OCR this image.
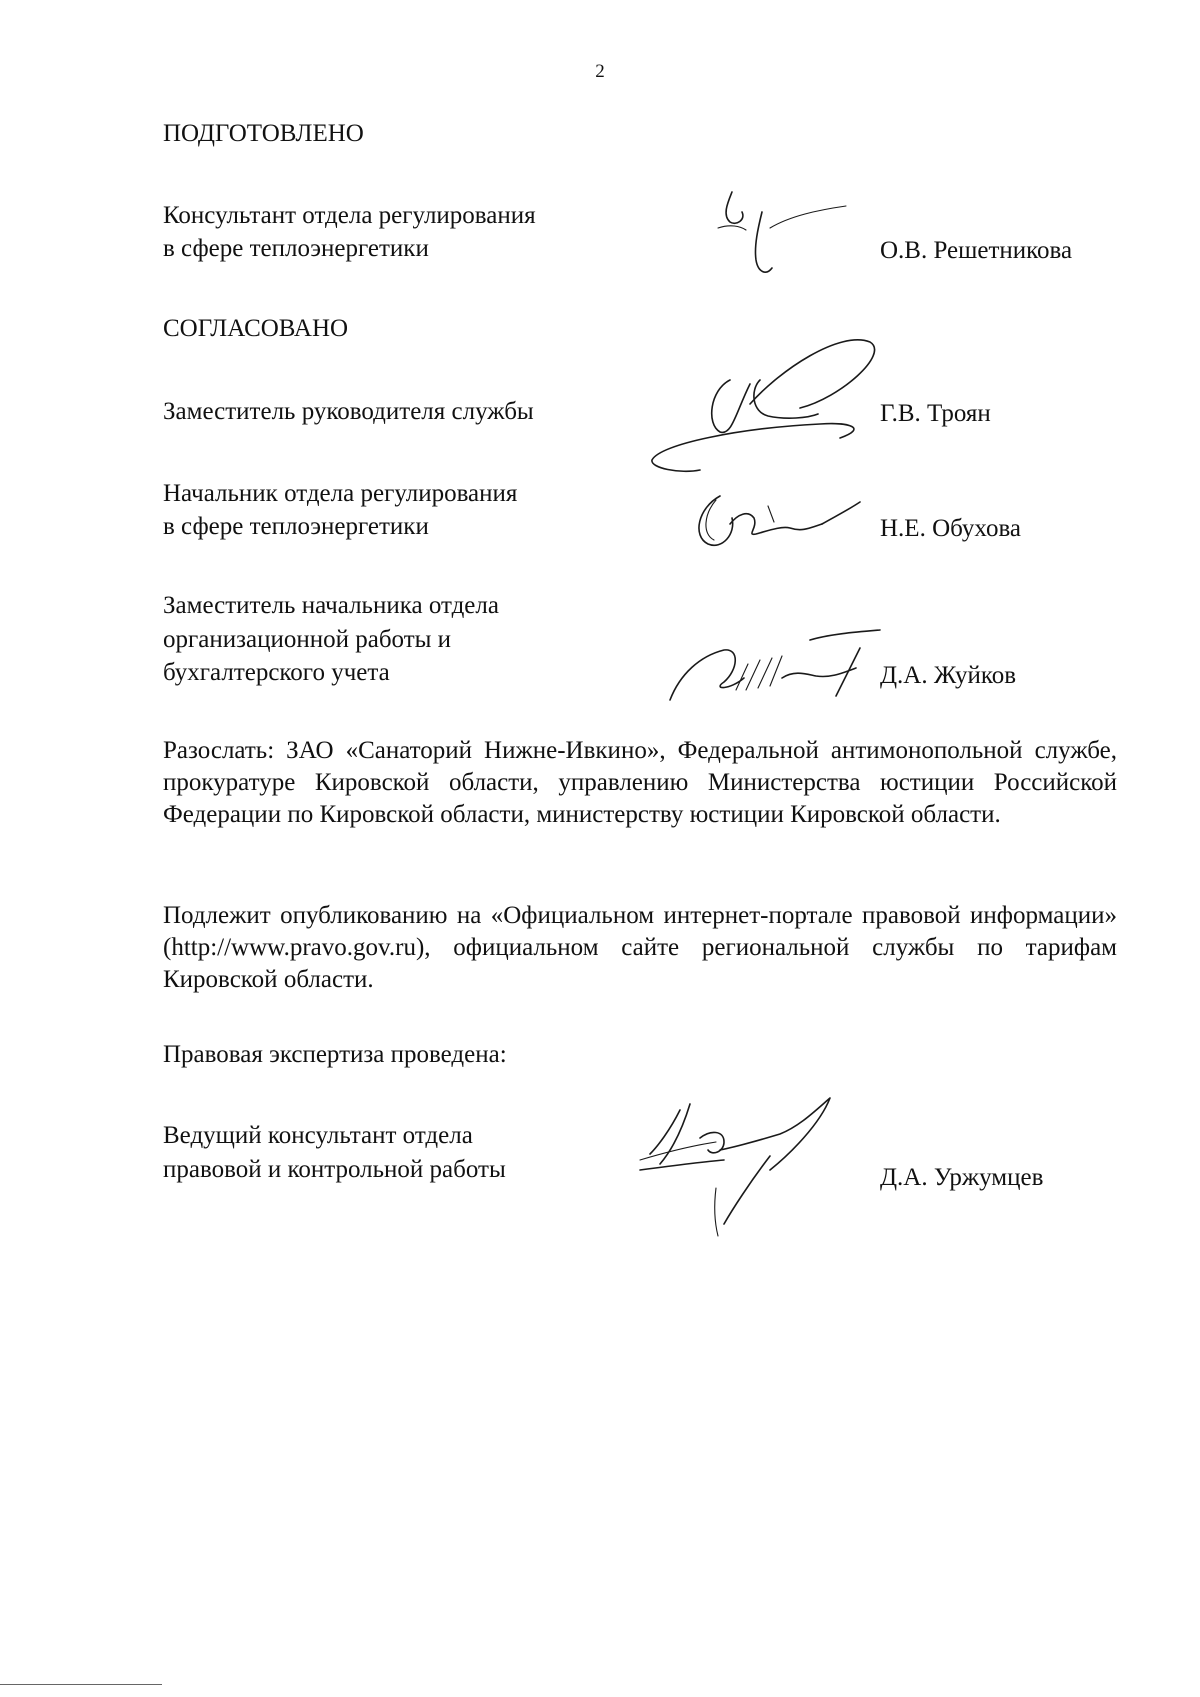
2
ПОДГОТОВЛЕНО
Консультант отдела регулирования
в сфере теплоэнергетики	О.В. Решетникова
СОГЛАСОВАНО
Заместитель руководителя службы	Г.В. Троян
Начальник отдела регулирования
в сфере теплоэнергетики	Н.Е. Обухова
Заместитель начальника отдела
организационной работы и
бухгалтерского учета	Д.А. Жуйков
Разослать: ЗАО «Санаторий Нижне-Ивкино», Федеральной антимонопольной службе, прокуратуре Кировской области, управлению Министерства юстиции Российской Федерации по Кировской области, министерству юстиции Кировской области.
Подлежит опубликованию на «Официальном интернет-портале правовой информации» (http://www.pravo.gov.ru), официальном сайте региональной службы по тарифам Кировской области.
Правовая экспертиза проведена:
Ведущий консультант отдела
правовой и контрольной работы	Д.А. Уржумцев
